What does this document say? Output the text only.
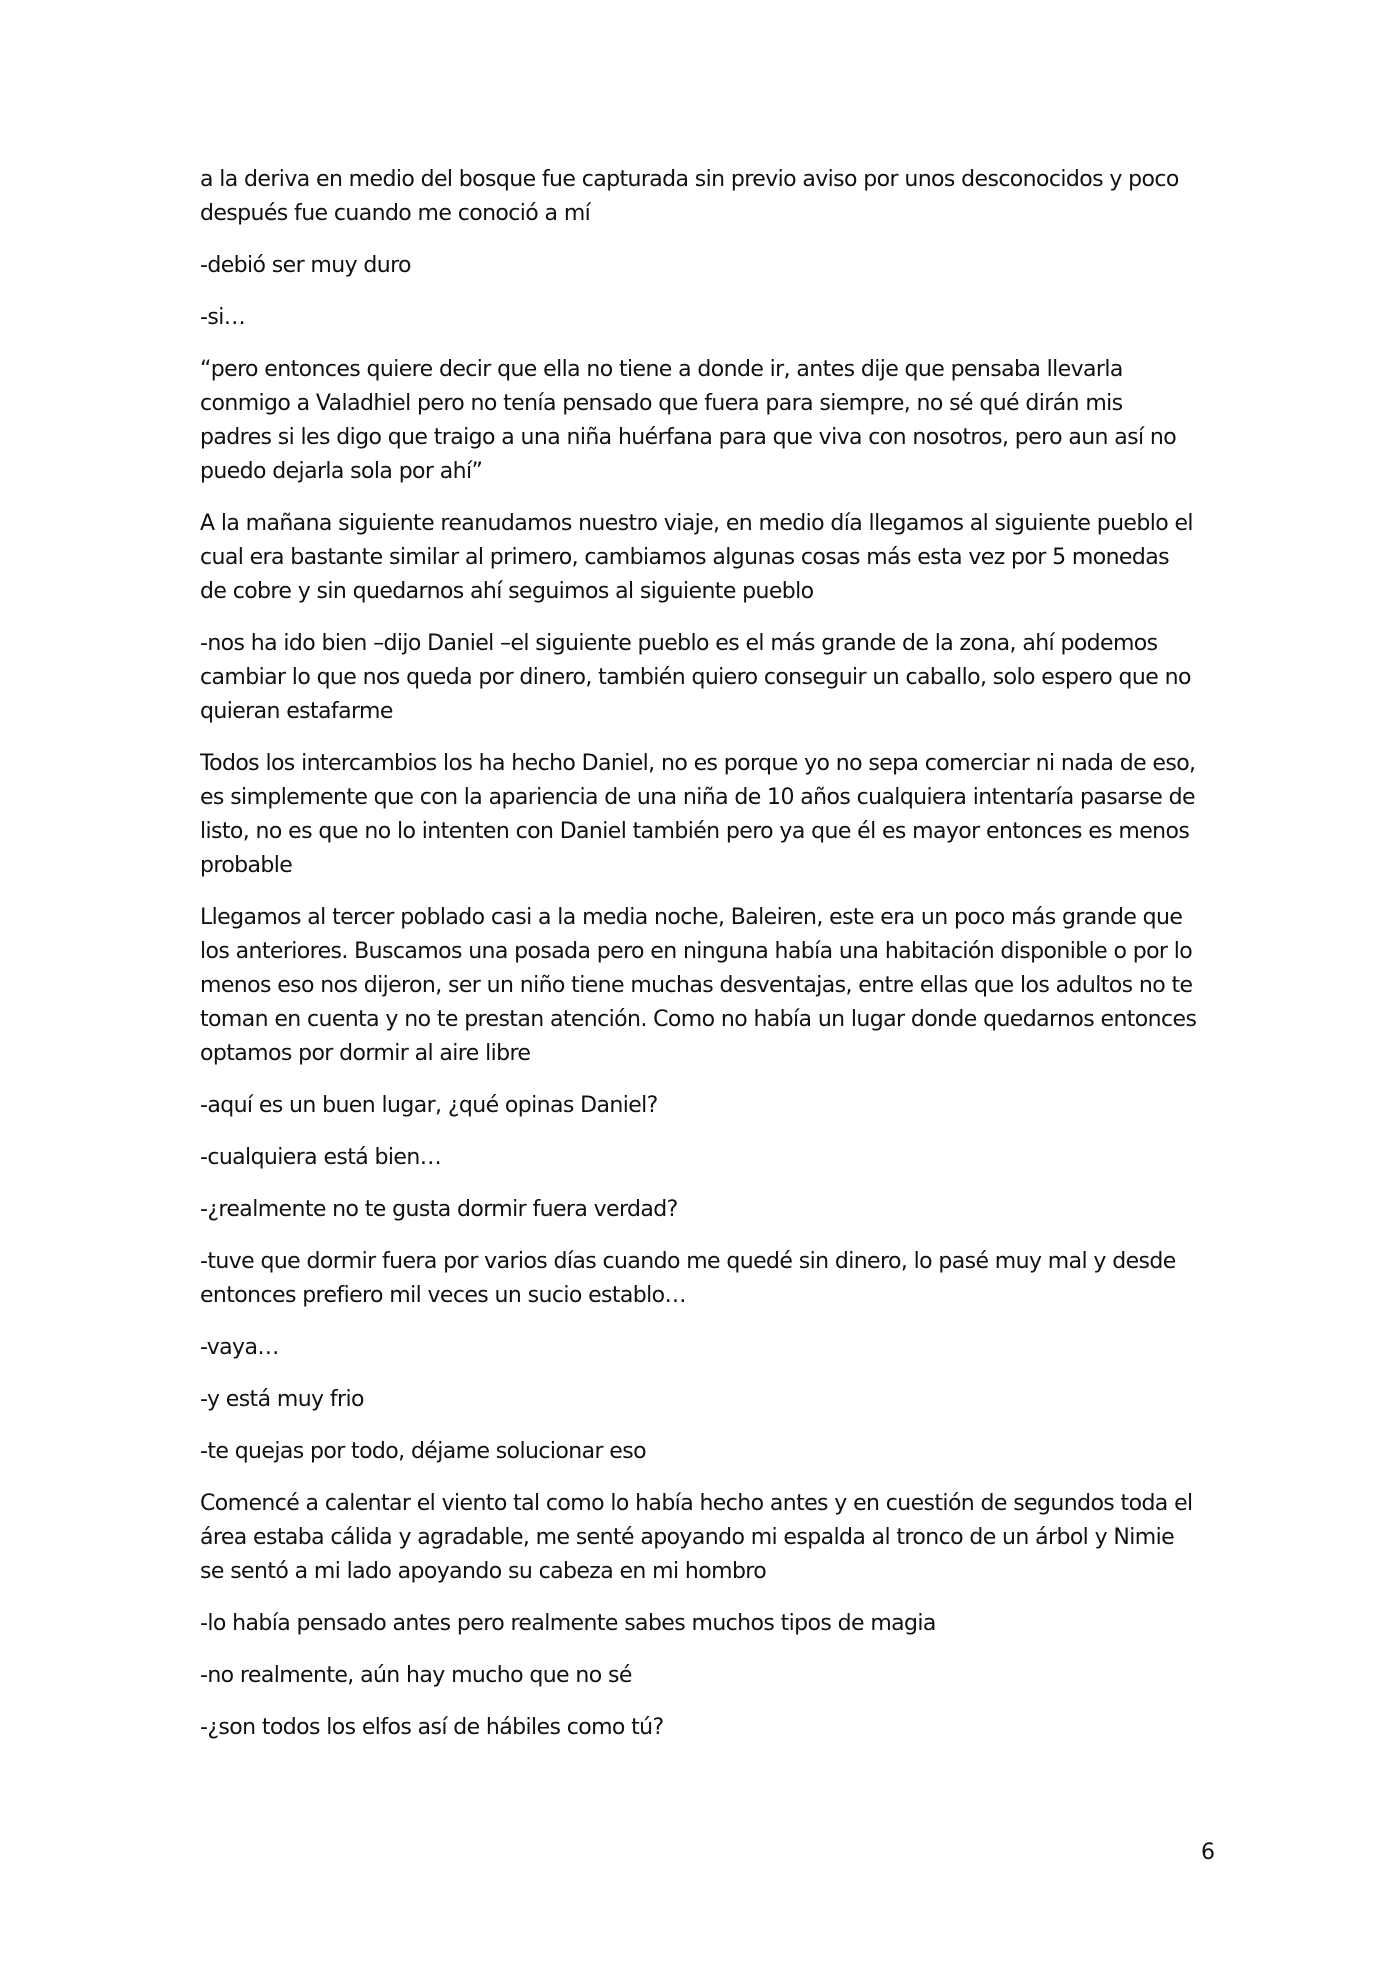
a la deriva en medio del bosque fue capturada sin previo aviso por unos desconocidos y poco después fue cuando me conoció a mí

-debió ser muy duro

-si…

“pero entonces quiere decir que ella no tiene a donde ir, antes dije que pensaba llevarla conmigo a Valadhiel pero no tenía pensado que fuera para siempre, no sé qué dirán mis padres si les digo que traigo a una niña huérfana para que viva con nosotros, pero aun así no puedo dejarla sola por ahí”

A la mañana siguiente reanudamos nuestro viaje, en medio día llegamos al siguiente pueblo el cual era bastante similar al primero, cambiamos algunas cosas más esta vez por 5 monedas de cobre y sin quedarnos ahí seguimos al siguiente pueblo

-nos ha ido bien –dijo Daniel –el siguiente pueblo es el más grande de la zona, ahí podemos cambiar lo que nos queda por dinero, también quiero conseguir un caballo, solo espero que no quieran estafarme

Todos los intercambios los ha hecho Daniel, no es porque yo no sepa comerciar ni nada de eso, es simplemente que con la apariencia de una niña de 10 años cualquiera intentaría pasarse de listo, no es que no lo intenten con Daniel también pero ya que él es mayor entonces es menos probable

Llegamos al tercer poblado casi a la media noche, Baleiren, este era un poco más grande que los anteriores. Buscamos una posada pero en ninguna había una habitación disponible o por lo menos eso nos dijeron, ser un niño tiene muchas desventajas, entre ellas que los adultos no te toman en cuenta y no te prestan atención. Como no había un lugar donde quedarnos entonces optamos por dormir al aire libre

-aquí es un buen lugar, ¿qué opinas Daniel?

-cualquiera está bien…

-¿realmente no te gusta dormir fuera verdad?

-tuve que dormir fuera por varios días cuando me quedé sin dinero, lo pasé muy mal y desde entonces prefiero mil veces un sucio establo…

-vaya…

-y está muy frio

-te quejas por todo, déjame solucionar eso

Comencé a calentar el viento tal como lo había hecho antes y en cuestión de segundos toda el área estaba cálida y agradable, me senté apoyando mi espalda al tronco de un árbol y Nimie se sentó a mi lado apoyando su cabeza en mi hombro

-lo había pensado antes pero realmente sabes muchos tipos de magia

-no realmente, aún hay mucho que no sé

-¿son todos los elfos así de hábiles como tú?

6
